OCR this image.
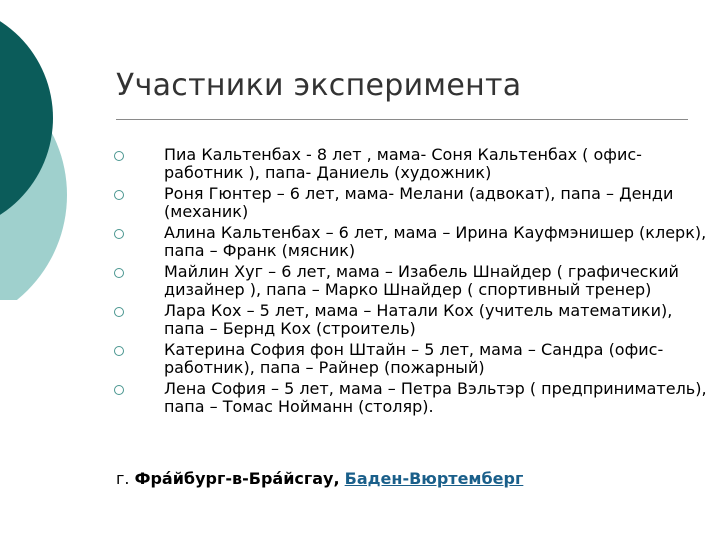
Участники эксперимента
Пиа Кальтенбах - 8 лет , мама- Соня Кальтенбах ( офис- работник ), папа- Даниель (художник)
Роня Гюнтер – 6 лет, мама- Мелани (адвокат), папа – Денди (механик)
Алина Кальтенбах – 6 лет, мама – Ирина Кауфмэнишер (клерк), папа – Франк (мясник)
Майлин Хуг – 6 лет, мама – Изабель Шнайдер ( графический дизайнер ), папа – Марко Шнайдер ( спортивный тренер)
Лара Кох – 5 лет, мама – Натали Кох (учитель математики), папа – Бернд Кох (строитель)
Катерина София фон Штайн – 5 лет, мама – Сандра (офис- работник), папа – Райнер (пожарный)
Лена София – 5 лет, мама – Петра Вэльтэр ( предприниматель), папа – Томас Нойманн (столяр).
г. Фра́йбург-в-Бра́йсгау, Баден-Вюртемберг
